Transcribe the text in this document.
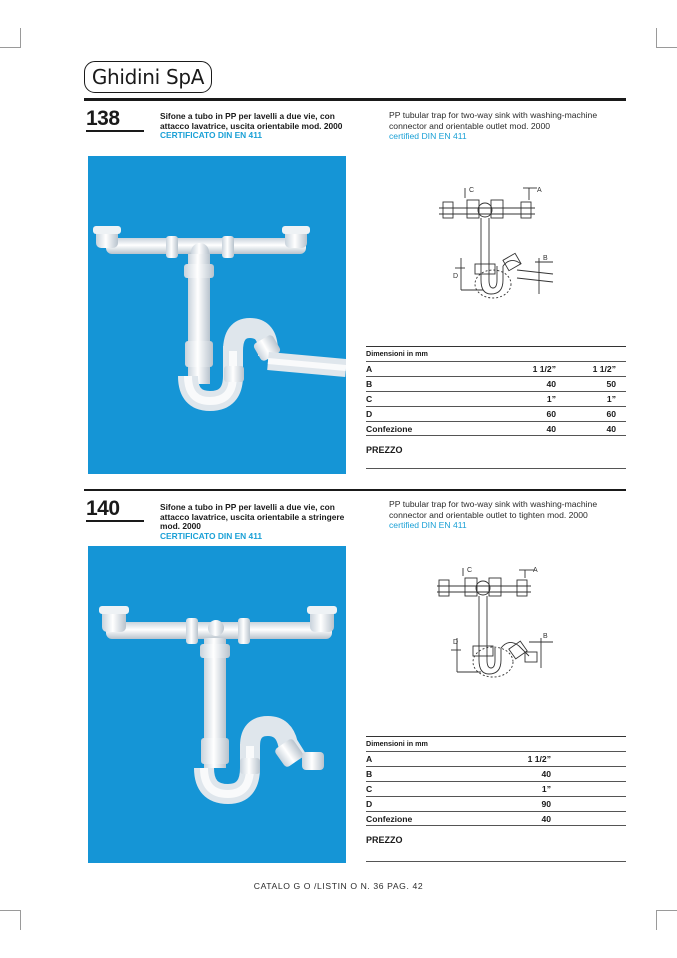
Ghidini SpA
138	Sifone a tubo in PP per lavelli a due vie, con attacco lavatrice, uscita orientabile mod. 2000
CERTIFICATO DIN EN 411
PP tubular trap for two-way sink with washing-machine connector and orientable outlet mod. 2000
certified DIN EN 411
C	A
B
D
Dimensioni in mm
A	1 1/2”	1 1/2”
B	40	50
C	1”	1”
D	60	60
Confezione	40	40
PREZZO
140	Sifone a tubo in PP per lavelli a due vie, con attacco lavatrice, uscita orientabile a stringere mod. 2000
CERTIFICATO DIN EN 411
PP tubular trap for two-way sink with washing-machine connector and orientable outlet to tighten mod. 2000
certified DIN EN 411
C	A
B
D
Dimensioni in mm
A	1 1/2”
B	40
C	1”
D	90
Confezione	40
PREZZO
CATALO G O /LISTIN O N. 36 PAG. 42
